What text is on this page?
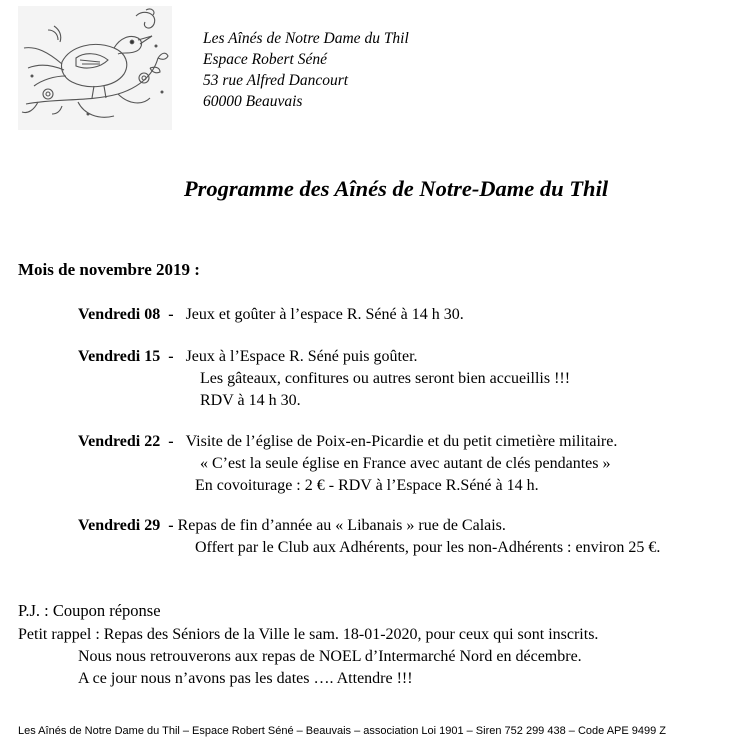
Les Aînés de Notre Dame du Thil
Espace Robert Séné
53 rue Alfred Dancourt
60000 Beauvais
Programme des Aînés de Notre-Dame du Thil
Mois de novembre 2019 :
Vendredi 08  -   Jeux et goûter à l’espace R. Séné à 14 h 30.
Vendredi 15  -   Jeux à l’Espace R. Séné puis goûter.
Les gâteaux, confitures ou autres seront bien accueillis !!!
RDV à 14 h 30.
Vendredi 22  -   Visite de l’église de Poix-en-Picardie et du petit cimetière militaire.
« C’est la seule église en France avec autant de clés pendantes »
En covoiturage : 2 € - RDV à l’Espace R.Séné à 14 h.
Vendredi 29  - Repas de fin d’année au « Libanais » rue de Calais.
Offert par le Club aux Adhérents, pour les non-Adhérents : environ 25 €.
P.J. : Coupon réponse
Petit rappel : Repas des Séniors de la Ville le sam. 18-01-2020, pour ceux qui sont inscrits.
Nous nous retrouverons aux repas de NOEL d’Intermarché Nord en décembre.
A ce jour nous n’avons pas les dates …. Attendre !!!
Les Aînés de Notre Dame du Thil – Espace Robert Séné – Beauvais – association Loi 1901 – Siren 752 299 438 – Code APE 9499 Z
